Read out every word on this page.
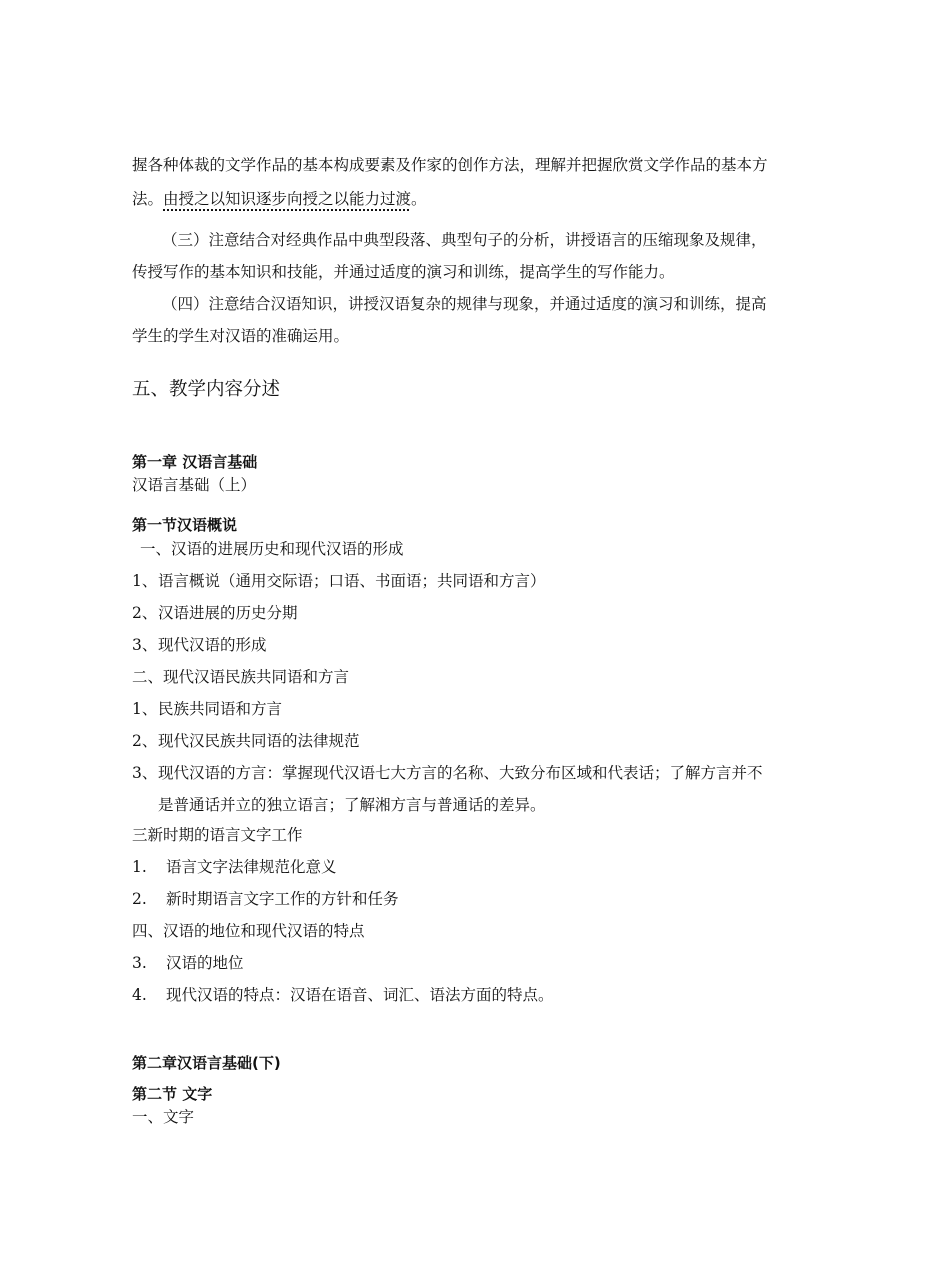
握各种体裁的文学作品的基本构成要素及作家的创作方法，理解并把握欣赏文学作品的基本方
法。由授之以知识逐步向授之以能力过渡。
（三）注意结合对经典作品中典型段落、典型句子的分析，讲授语言的压缩现象及规律，
传授写作的基本知识和技能，并通过适度的演习和训练，提高学生的写作能力。
（四）注意结合汉语知识，讲授汉语复杂的规律与现象，并通过适度的演习和训练，提高
学生的学生对汉语的准确运用。
五、教学内容分述
第一章 汉语言基础
汉语言基础（上）
第一节汉语概说
一、汉语的进展历史和现代汉语的形成
1、语言概说（通用交际语；口语、书面语；共同语和方言）
2、汉语进展的历史分期
3、现代汉语的形成
二、现代汉语民族共同语和方言
1、民族共同语和方言
2、现代汉民族共同语的法律规范
3、现代汉语的方言：掌握现代汉语七大方言的名称、大致分布区域和代表话；了解方言并不
是普通话并立的独立语言；了解湘方言与普通话的差异。
三新时期的语言文字工作
1. 语言文字法律规范化意义
2. 新时期语言文字工作的方针和任务
四、汉语的地位和现代汉语的特点
3. 汉语的地位
4. 现代汉语的特点：汉语在语音、词汇、语法方面的特点。
第二章汉语言基础(下)
第二节 文字
一、文字
